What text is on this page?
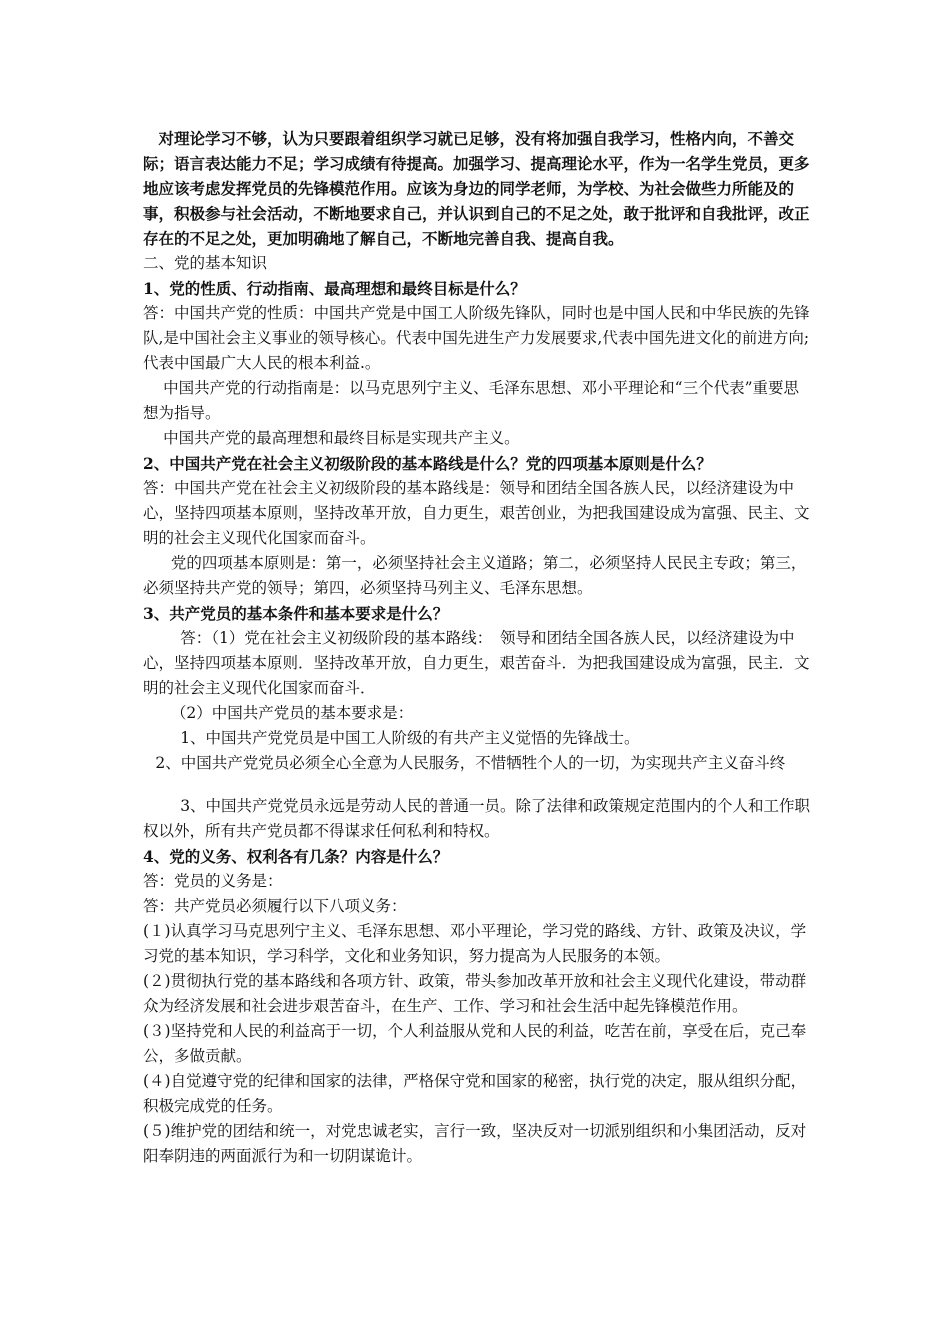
对理论学习不够，认为只要跟着组织学习就已足够，没有将加强自我学习，性格内向，不善交际；语言表达能力不足；学习成绩有待提高。加强学习、提高理论水平，作为一名学生党员，更多地应该考虑发挥党员的先锋模范作用。应该为身边的同学老师，为学校、为社会做些力所能及的事，积极参与社会活动，不断地要求自己，并认识到自己的不足之处，敢于批评和自我批评，改正存在的不足之处，更加明确地了解自己，不断地完善自我、提高自我。

二、党的基本知识

1、党的性质、行动指南、最高理想和最终目标是什么？

答：中国共产党的性质：中国共产党是中国工人阶级先锋队，同时也是中国人民和中华民族的先锋队,是中国社会主义事业的领导核心。代表中国先进生产力发展要求,代表中国先进文化的前进方向;代表中国最广大人民的根本利益.。

中国共产党的行动指南是：以马克思列宁主义、毛泽东思想、邓小平理论和“三个代表”重要思想为指导。

中国共产党的最高理想和最终目标是实现共产主义。

2、中国共产党在社会主义初级阶段的基本路线是什么？党的四项基本原则是什么？

答：中国共产党在社会主义初级阶段的基本路线是：领导和团结全国各族人民，以经济建设为中心，坚持四项基本原则，坚持改革开放，自力更生，艰苦创业，为把我国建设成为富强、民主、文明的社会主义现代化国家而奋斗。

党的四项基本原则是：第一，必须坚持社会主义道路；第二，必须坚持人民民主专政；第三，必须坚持共产党的领导；第四，必须坚持马列主义、毛泽东思想。

3、共产党员的基本条件和基本要求是什么？

答：（1）党在社会主义初级阶段的基本路线：　领导和团结全国各族人民，以经济建设为中心，坚持四项基本原则．坚持改革开放，自力更生，艰苦奋斗．为把我国建设成为富强，民主．文明的社会主义现代化国家而奋斗．

（2）中国共产党员的基本要求是：

1、中国共产党党员是中国工人阶级的有共产主义觉悟的先锋战士。

2、中国共产党党员必须全心全意为人民服务，不惜牺牲个人的一切，为实现共产主义奋斗终

3、中国共产党党员永远是劳动人民的普通一员。除了法律和政策规定范围内的个人和工作职权以外，所有共产党员都不得谋求任何私利和特权。

4、党的义务、权利各有几条？内容是什么？

答：党员的义务是：

答：共产党员必须履行以下八项义务：

(１)认真学习马克思列宁主义、毛泽东思想、邓小平理论，学习党的路线、方针、政策及决议，学习党的基本知识，学习科学，文化和业务知识，努力提高为人民服务的本领。

(２)贯彻执行党的基本路线和各项方针、政策，带头参加改革开放和社会主义现代化建设，带动群众为经济发展和社会进步艰苦奋斗，在生产、工作、学习和社会生活中起先锋模范作用。

(３)坚持党和人民的利益高于一切，个人利益服从党和人民的利益，吃苦在前，享受在后，克己奉公，多做贡献。

(４)自觉遵守党的纪律和国家的法律，严格保守党和国家的秘密，执行党的决定，服从组织分配，积极完成党的任务。

(５)维护党的团结和统一，对党忠诚老实，言行一致，坚决反对一切派别组织和小集团活动，反对阳奉阴违的两面派行为和一切阴谋诡计。
